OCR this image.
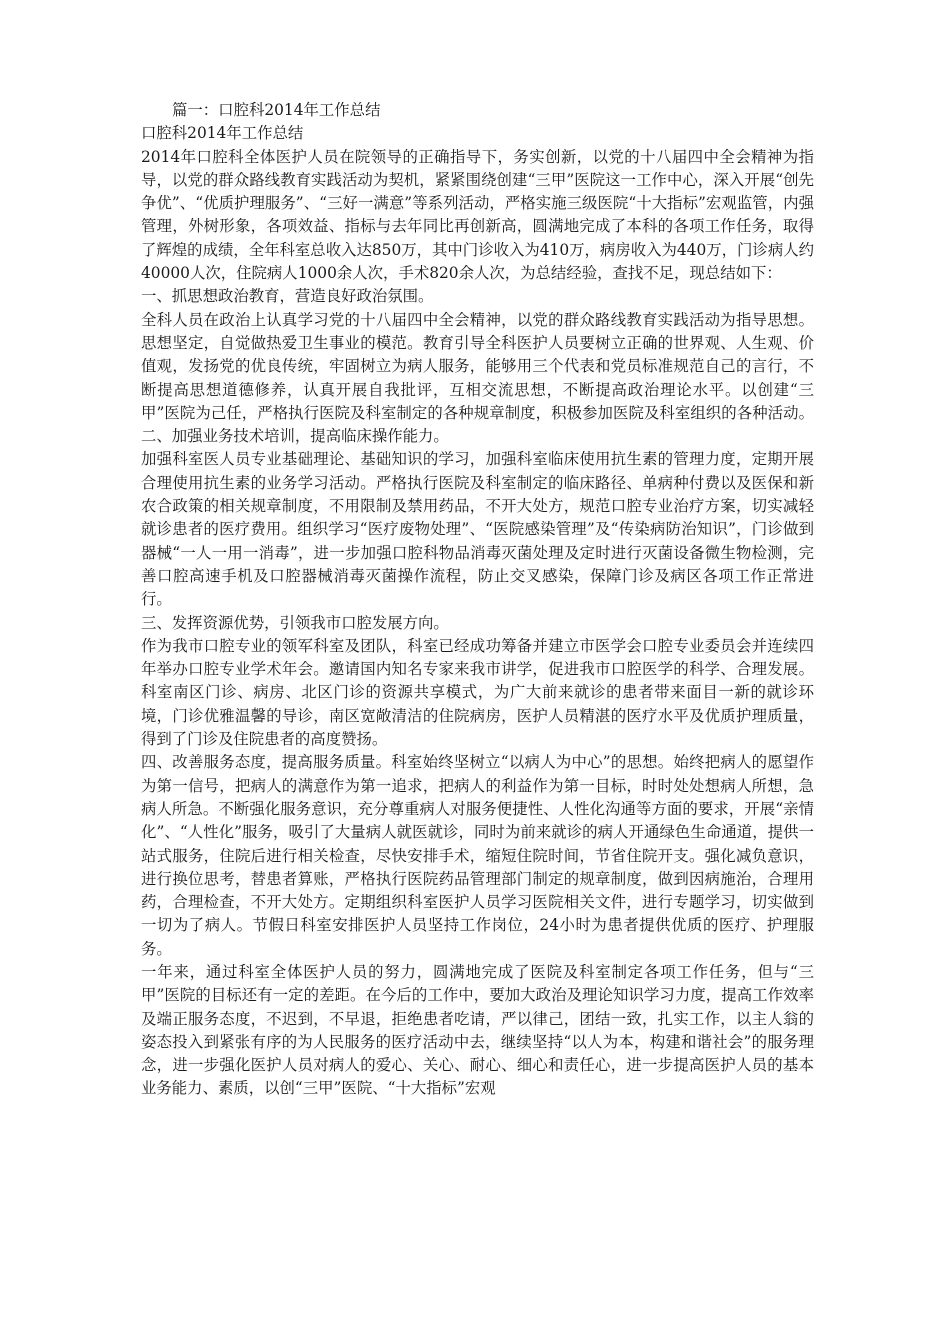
篇一：口腔科2014年工作总结
口腔科2014年工作总结

2014年口腔科全体医护人员在院领导的正确指导下，务实创新，以党的十八届四中全会精神为指导，以党的群众路线教育实践活动为契机，紧紧围绕创建“三甲”医院这一工作中心，深入开展“创先争优”、“优质护理服务”、“三好一满意”等系列活动，严格实施三级医院“十大指标”宏观监管，内强管理，外树形象，各项效益、指标与去年同比再创新高，圆满地完成了本科的各项工作任务，取得了辉煌的成绩，全年科室总收入达850万，其中门诊收入为410万，病房收入为440万，门诊病人约40000人次，住院病人1000余人次，手术820余人次，为总结经验，查找不足，现总结如下：

一、抓思想政治教育，营造良好政治氛围。

全科人员在政治上认真学习党的十八届四中全会精神，以党的群众路线教育实践活动为指导思想。思想坚定，自觉做热爱卫生事业的模范。教育引导全科医护人员要树立正确的世界观、人生观、价值观，发扬党的优良传统，牢固树立为病人服务，能够用三个代表和党员标准规范自己的言行，不断提高思想道德修养，认真开展自我批评，互相交流思想，不断提高政治理论水平。以创建“三甲”医院为己任，严格执行医院及科室制定的各种规章制度，积极参加医院及科室组织的各种活动。二、加强业务技术培训，提高临床操作能力。

加强科室医人员专业基础理论、基础知识的学习，加强科室临床使用抗生素的管理力度，定期开展合理使用抗生素的业务学习活动。严格执行医院及科室制定的临床路径、单病种付费以及医保和新农合政策的相关规章制度，不用限制及禁用药品，不开大处方，规范口腔专业治疗方案，切实减轻就诊患者的医疗费用。组织学习“医疗废物处理”、“医院感染管理”及“传染病防治知识”，门诊做到器械“一人一用一消毒”，进一步加强口腔科物品消毒灭菌处理及定时进行灭菌设备微生物检测，完善口腔高速手机及口腔器械消毒灭菌操作流程，防止交叉感染，保障门诊及病区各项工作正常进行。

三、发挥资源优势，引领我市口腔发展方向。

作为我市口腔专业的领军科室及团队，科室已经成功筹备并建立市医学会口腔专业委员会并连续四年举办口腔专业学术年会。邀请国内知名专家来我市讲学，促进我市口腔医学的科学、合理发展。科室南区门诊、病房、北区门诊的资源共享模式，为广大前来就诊的患者带来面目一新的就诊环境，门诊优雅温馨的导诊，南区宽敞清洁的住院病房，医护人员精湛的医疗水平及优质护理质量，得到了门诊及住院患者的高度赞扬。

四、改善服务态度，提高服务质量。科室始终坚树立“以病人为中心”的思想。始终把病人的愿望作为第一信号，把病人的满意作为第一追求，把病人的利益作为第一目标，时时处处想病人所想，急病人所急。不断强化服务意识，充分尊重病人对服务便捷性、人性化沟通等方面的要求，开展“亲情化”、“人性化”服务，吸引了大量病人就医就诊，同时为前来就诊的病人开通绿色生命通道，提供一站式服务，住院后进行相关检查，尽快安排手术，缩短住院时间，节省住院开支。强化减负意识，进行换位思考，替患者算账，严格执行医院药品管理部门制定的规章制度，做到因病施治，合理用药，合理检查，不开大处方。定期组织科室医护人员学习医院相关文件，进行专题学习，切实做到一切为了病人。节假日科室安排医护人员坚持工作岗位，24小时为患者提供优质的医疗、护理服务。

一年来，通过科室全体医护人员的努力，圆满地完成了医院及科室制定各项工作任务，但与“三甲”医院的目标还有一定的差距。在今后的工作中，要加大政治及理论知识学习力度，提高工作效率及端正服务态度，不迟到，不早退，拒绝患者吃请，严以律己，团结一致，扎实工作，以主人翁的姿态投入到紧张有序的为人民服务的医疗活动中去，继续坚持“以人为本，构建和谐社会”的服务理念，进一步强化医护人员对病人的爱心、关心、耐心、细心和责任心，进一步提高医护人员的基本业务能力、素质，以创“三甲”医院、“十大指标”宏观
